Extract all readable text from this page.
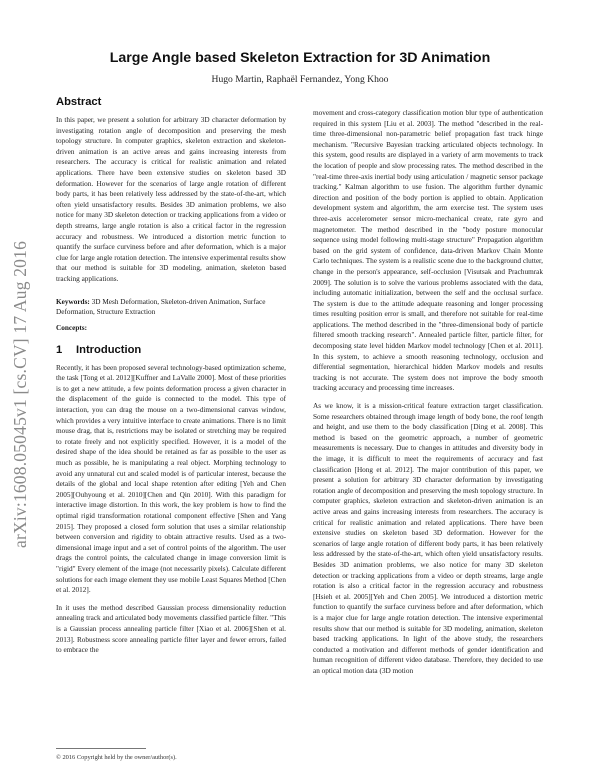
arXiv:1608.05045v1 [cs.CV] 17 Aug 2016
Large Angle based Skeleton Extraction for 3D Animation
Hugo Martin, Raphaël Fernandez, Yong Khoo
Abstract

In this paper, we present a solution for arbitrary 3D character deformation by investigating rotation angle of decomposition and preserving the mesh topology structure. In computer graphics, skeleton extraction and skeleton-driven animation is an active areas and gains increasing interests from researchers. The accuracy is critical for realistic animation and related applications. There have been extensive studies on skeleton based 3D deformation. However for the scenarios of large angle rotation of different body parts, it has been relatively less addressed by the state-of-the-art, which often yield unsatisfactory results. Besides 3D animation problems, we also notice for many 3D skeleton detection or tracking applications from a video or depth streams, large angle rotation is also a critical factor in the regression accuracy and robustness. We introduced a distortion metric function to quantify the surface curviness before and after deformation, which is a major clue for large angle rotation detection. The intensive experimental results show that our method is suitable for 3D modeling, animation, skeleton based tracking applications.

Keywords: 3D Mesh Deformation, Skeleton-driven Animation, Surface Deformation, Structure Extraction
Concepts:
1 Introduction

Recently, it has been proposed several technology-based optimization scheme, the task [Tong et al. 2012][Kuffner and LaValle 2000]. Most of these priorities is to get a new attitude, a few points deformation process a given character in the displacement of the guide is connected to the model. This type of interaction, you can drag the mouse on a two-dimensional canvas window, which provides a very intuitive interface to create animations. There is no limit mouse drag, that is, restrictions may be isolated or stretching may be required to rotate freely and not explicitly specified. However, it is a model of the desired shape of the idea should be retained as far as possible to the user as much as possible, he is manipulating a real object. Morphing technology to avoid any unnatural cut and scaled model is of particular interest, because the details of the global and local shape retention after editing [Yeh and Chen 2005][Ouhyoung et al. 2010][Chen and Qin 2010]. With this paradigm for interactive image distortion. In this work, the key problem is how to find the optimal rigid transformation rotational component effective [Shen and Yang 2015]. They proposed a closed form solution that uses a similar relationship between conversion and rigidity to obtain attractive results. Used as a two-dimensional image input and a set of control points of the algorithm. The user drags the control points, the calculated change in image conversion limit is "rigid" Every element of the image (not necessarily pixels). Calculate different solutions for each image element they use mobile Least Squares Method [Chen et al. 2012].

In it uses the method described Gaussian process dimensionality reduction annealing track and articulated body movements classified particle filter. "This is a Gaussian process annealing particle filter [Xiao et al. 2006][Shen et al. 2013]. Robustness score annealing particle filter layer and fewer errors, failed to embrace the

movement and cross-category classification motion blur type of authentication required in this system [Liu et al. 2003]. The method "described in the real-time three-dimensional non-parametric belief propagation fast track hinge mechanism. "Recursive Bayesian tracking articulated objects technology. In this system, good results are displayed in a variety of arm movements to track the location of people and slow processing rates. The method described in the "real-time three-axis inertial body using articulation / magnetic sensor package tracking." Kalman algorithm to use fusion. The algorithm further dynamic direction and position of the body portion is applied to obtain. Application development system and algorithm, the arm exercise test. The system uses three-axis accelerometer sensor micro-mechanical create, rate gyro and magnetometer. The method described in the "body posture monocular sequence using model following multi-stage structure" Propagation algorithm based on the grid system of confidence, data-driven Markov Chain Monte Carlo techniques. The system is a realistic scene due to the background clutter, change in the person's appearance, self-occlusion [Visutsak and Prachumrak 2009]. The solution is to solve the various problems associated with the data, including automatic initialization, between the self and the occlusal surface. The system is due to the attitude adequate reasoning and longer processing times resulting position error is small, and therefore not suitable for real-time applications. The method described in the "three-dimensional body of particle filtered smooth tracking research". Annealed particle filter, particle filter, for decomposing state level hidden Markov model technology [Chen et al. 2011]. In this system, to achieve a smooth reasoning technology, occlusion and differential segmentation, hierarchical hidden Markov models and results tracking is not accurate. The system does not improve the body smooth tracking accuracy and processing time increases.

As we know, it is a mission-critical feature extraction target classification. Some researchers obtained through image length of body bone, the roof length and height, and use them to the body classification [Ding et al. 2008]. This method is based on the geometric approach, a number of geometric measurements is necessary. Due to changes in attitudes and diversity body in the image, it is difficult to meet the requirements of accuracy and fast classification [Hong et al. 2012]. The major contribution of this paper, we present a solution for arbitrary 3D character deformation by investigating rotation angle of decomposition and preserving the mesh topology structure. In computer graphics, skeleton extraction and skeleton-driven animation is an active areas and gains increasing interests from researchers. The accuracy is critical for realistic animation and related applications. There have been extensive studies on skeleton based 3D deformation. However for the scenarios of large angle rotation of different body parts, it has been relatively less addressed by the state-of-the-art, which often yield unsatisfactory results. Besides 3D animation problems, we also notice for many 3D skeleton detection or tracking applications from a video or depth streams, large angle rotation is also a critical factor in the regression accuracy and robustness [Hsieh et al. 2005][Yeh and Chen 2005]. We introduced a distortion metric function to quantify the surface curviness before and after deformation, which is a major clue for large angle rotation detection. The intensive experimental results show that our method is suitable for 3D modeling, animation, skeleton based tracking applications. In light of the above study, the researchers conducted a motivation and different methods of gender identification and human recognition of different video database. Therefore, they decided to use an optical motion data (3D motion

© 2016 Copyright held by the owner/author(s).
